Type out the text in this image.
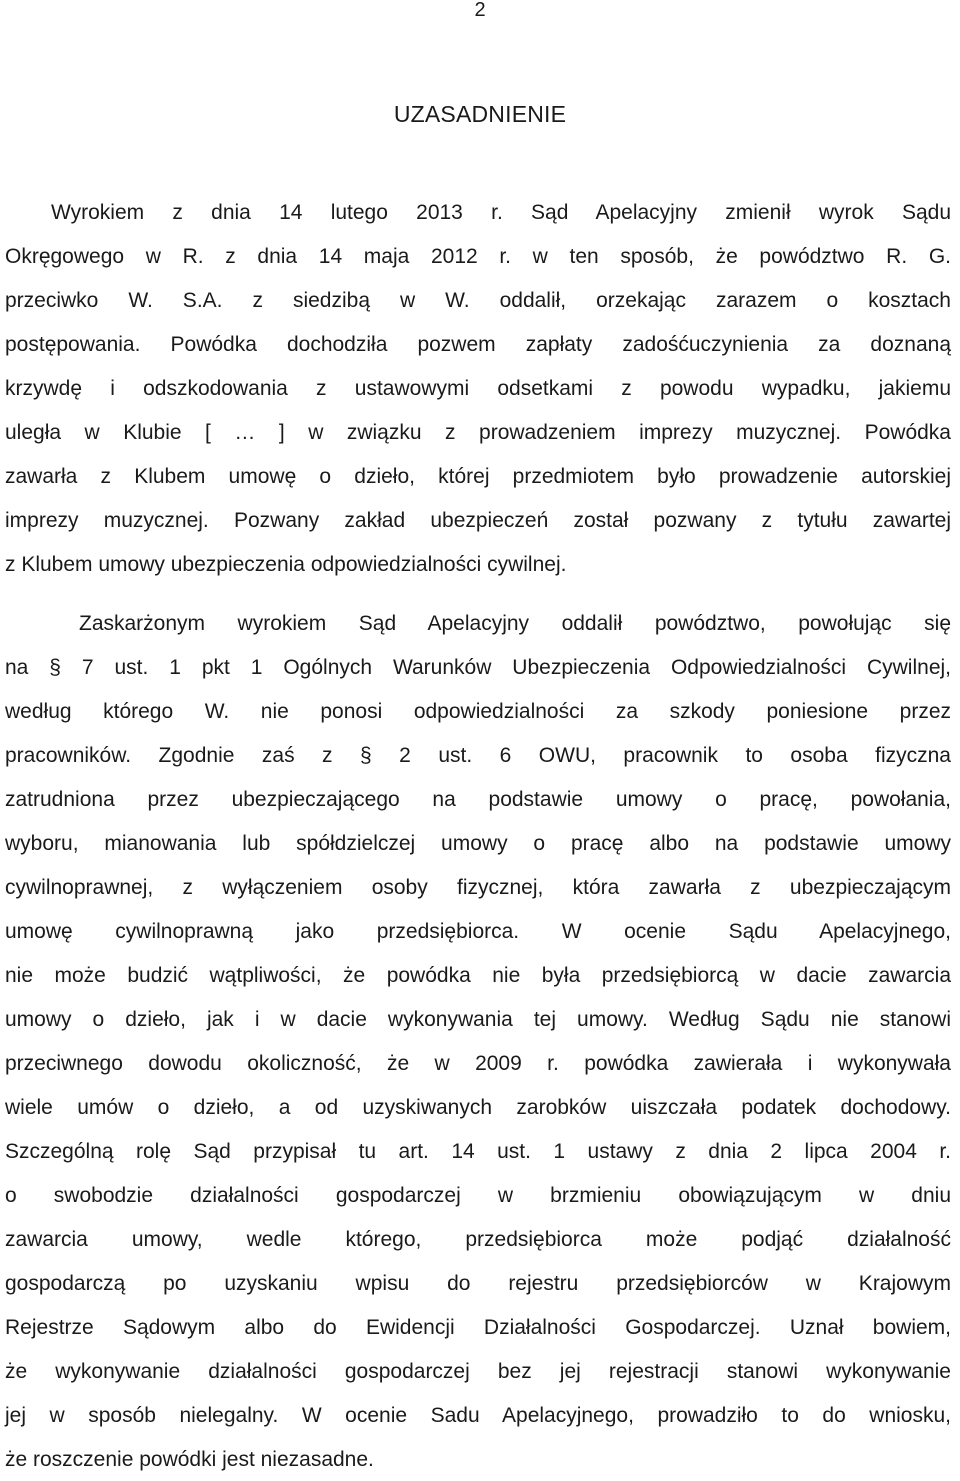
2
UZASADNIENIE
Wyrokiem z dnia 14 lutego 2013 r. Sąd Apelacyjny zmienił wyrok Sądu
Okręgowego w R. z dnia 14 maja 2012 r. w ten sposób, że powództwo R. G.
przeciwko W. S.A. z siedzibą w W. oddalił, orzekając zarazem o kosztach
postępowania. Powódka dochodziła pozwem zapłaty zadośćuczynienia za doznaną
krzywdę i odszkodowania z ustawowymi odsetkami z powodu wypadku, jakiemu
uległa w Klubie [ … ] w związku z prowadzeniem imprezy muzycznej. Powódka
zawarła z Klubem umowę o dzieło, której przedmiotem było prowadzenie autorskiej
imprezy muzycznej. Pozwany zakład ubezpieczeń został pozwany z tytułu zawartej
z Klubem umowy ubezpieczenia odpowiedzialności cywilnej.
Zaskarżonym wyrokiem Sąd Apelacyjny oddalił powództwo, powołując się
na § 7 ust. 1 pkt 1 Ogólnych Warunków Ubezpieczenia Odpowiedzialności Cywilnej,
według którego W. nie ponosi odpowiedzialności za szkody poniesione przez
pracowników. Zgodnie zaś z § 2 ust. 6 OWU, pracownik to osoba fizyczna
zatrudniona przez ubezpieczającego na podstawie umowy o pracę, powołania,
wyboru, mianowania lub spółdzielczej umowy o pracę albo na podstawie umowy
cywilnoprawnej, z wyłączeniem osoby fizycznej, która zawarła z ubezpieczającym
umowę cywilnoprawną jako przedsiębiorca. W ocenie Sądu Apelacyjnego,
nie może budzić wątpliwości, że powódka nie była przedsiębiorcą w dacie zawarcia
umowy o dzieło, jak i w dacie wykonywania tej umowy. Według Sądu nie stanowi
przeciwnego dowodu okoliczność, że w 2009 r. powódka zawierała i wykonywała
wiele umów o dzieło, a od uzyskiwanych zarobków uiszczała podatek dochodowy.
Szczególną rolę Sąd przypisał tu art. 14 ust. 1 ustawy z dnia 2 lipca 2004 r.
o swobodzie działalności gospodarczej w brzmieniu obowiązującym w dniu
zawarcia umowy, wedle którego, przedsiębiorca może podjąć działalność
gospodarczą po uzyskaniu wpisu do rejestru przedsiębiorców w Krajowym
Rejestrze Sądowym albo do Ewidencji Działalności Gospodarczej. Uznał bowiem,
że wykonywanie działalności gospodarczej bez jej rejestracji stanowi wykonywanie
jej w sposób nielegalny. W ocenie Sadu Apelacyjnego, prowadziło to do wniosku,
że roszczenie powódki jest niezasadne.
